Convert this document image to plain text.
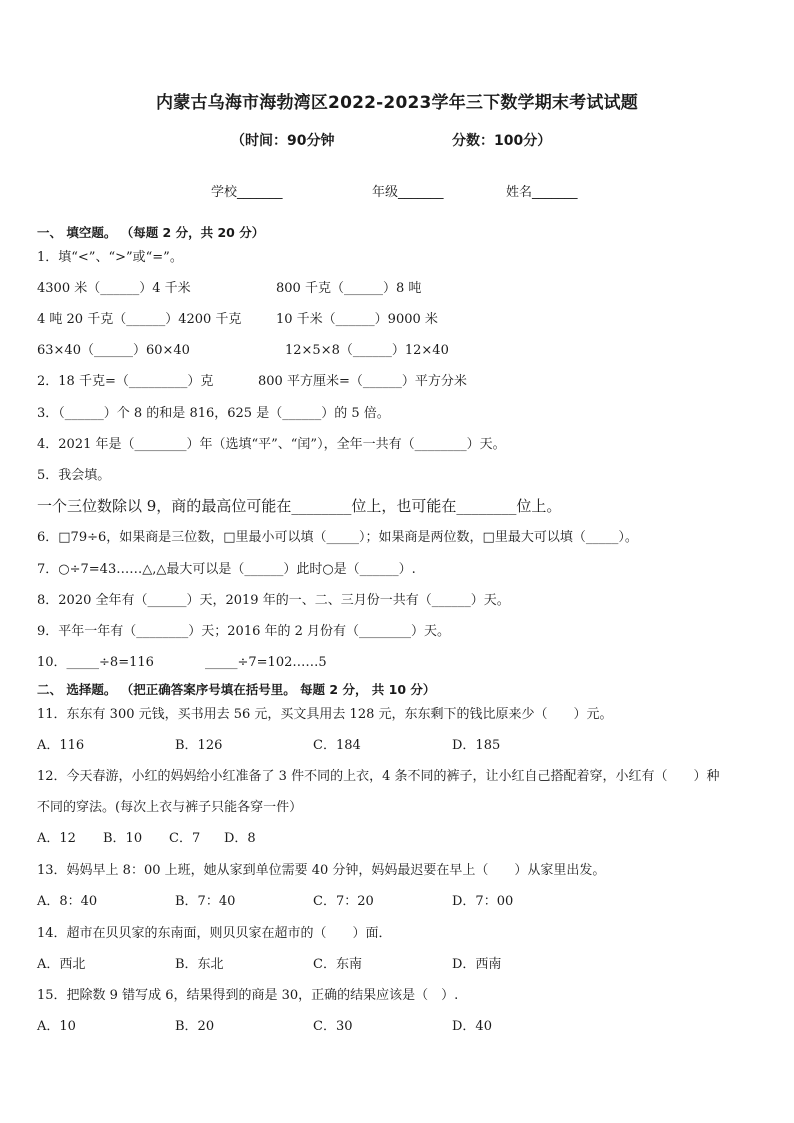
内蒙古乌海市海勃湾区2022-2023学年三下数学期末考试试题
（时间：90分钟	分数：100分）
学校_______	年级_______	姓名_______
一、 填空题。 （每题 2 分，共 20 分）
1．填“<”、“>”或“=”。
4300 米（______）4 千米	800 千克（______）8 吨
4 吨 20 千克（______）4200 千克	10 千米（______）9000 米
63×40（______）60×40	12×5×8（______）12×40
2．18 千克=（_________）克	800 平方厘米=（______）平方分米
3．（______）个 8 的和是 816，625 是（______）的 5 倍。
4．2021 年是（________）年（选填“平”、“闰”），全年一共有（________）天。
5．我会填。
一个三位数除以 9，商的最高位可能在________位上，也可能在________位上。
6．□79÷6，如果商是三位数，□里最小可以填（_____）；如果商是两位数，□里最大可以填（_____）。
7．○÷7=43……△,△最大可以是（______）此时○是（______）.
8．2020 全年有（______）天，2019 年的一、二、三月份一共有（______）天。
9．平年一年有（________）天；2016 年的 2 月份有（________）天。
10．_____÷8=116	_____÷7=102……5
二、 选择题。 （把正确答案序号填在括号里。 每题 2 分， 共 10 分）
11．东东有 300 元钱，买书用去 56 元，买文具用去 128 元，东东剩下的钱比原来少（　　）元。
A．116	B．126	C．184	D．185
12．今天春游，小红的妈妈给小红准备了 3 件不同的上衣，4 条不同的裤子，让小红自己搭配着穿，小红有（　　）种
不同的穿法。(每次上衣与裤子只能各穿一件）
A．12 B．10 C．7 D．8
13．妈妈早上 8：00 上班，她从家到单位需要 40 分钟，妈妈最迟要在早上（　　）从家里出发。
A．8：40	B．7：40	C．7：20	D．7：00
14．超市在贝贝家的东南面，则贝贝家在超市的（　　）面．
A．西北	B．东北	C．东南	D．西南
15．把除数 9 错写成 6，结果得到的商是 30，正确的结果应该是（　）.
A．10	B．20	C．30	D．40
